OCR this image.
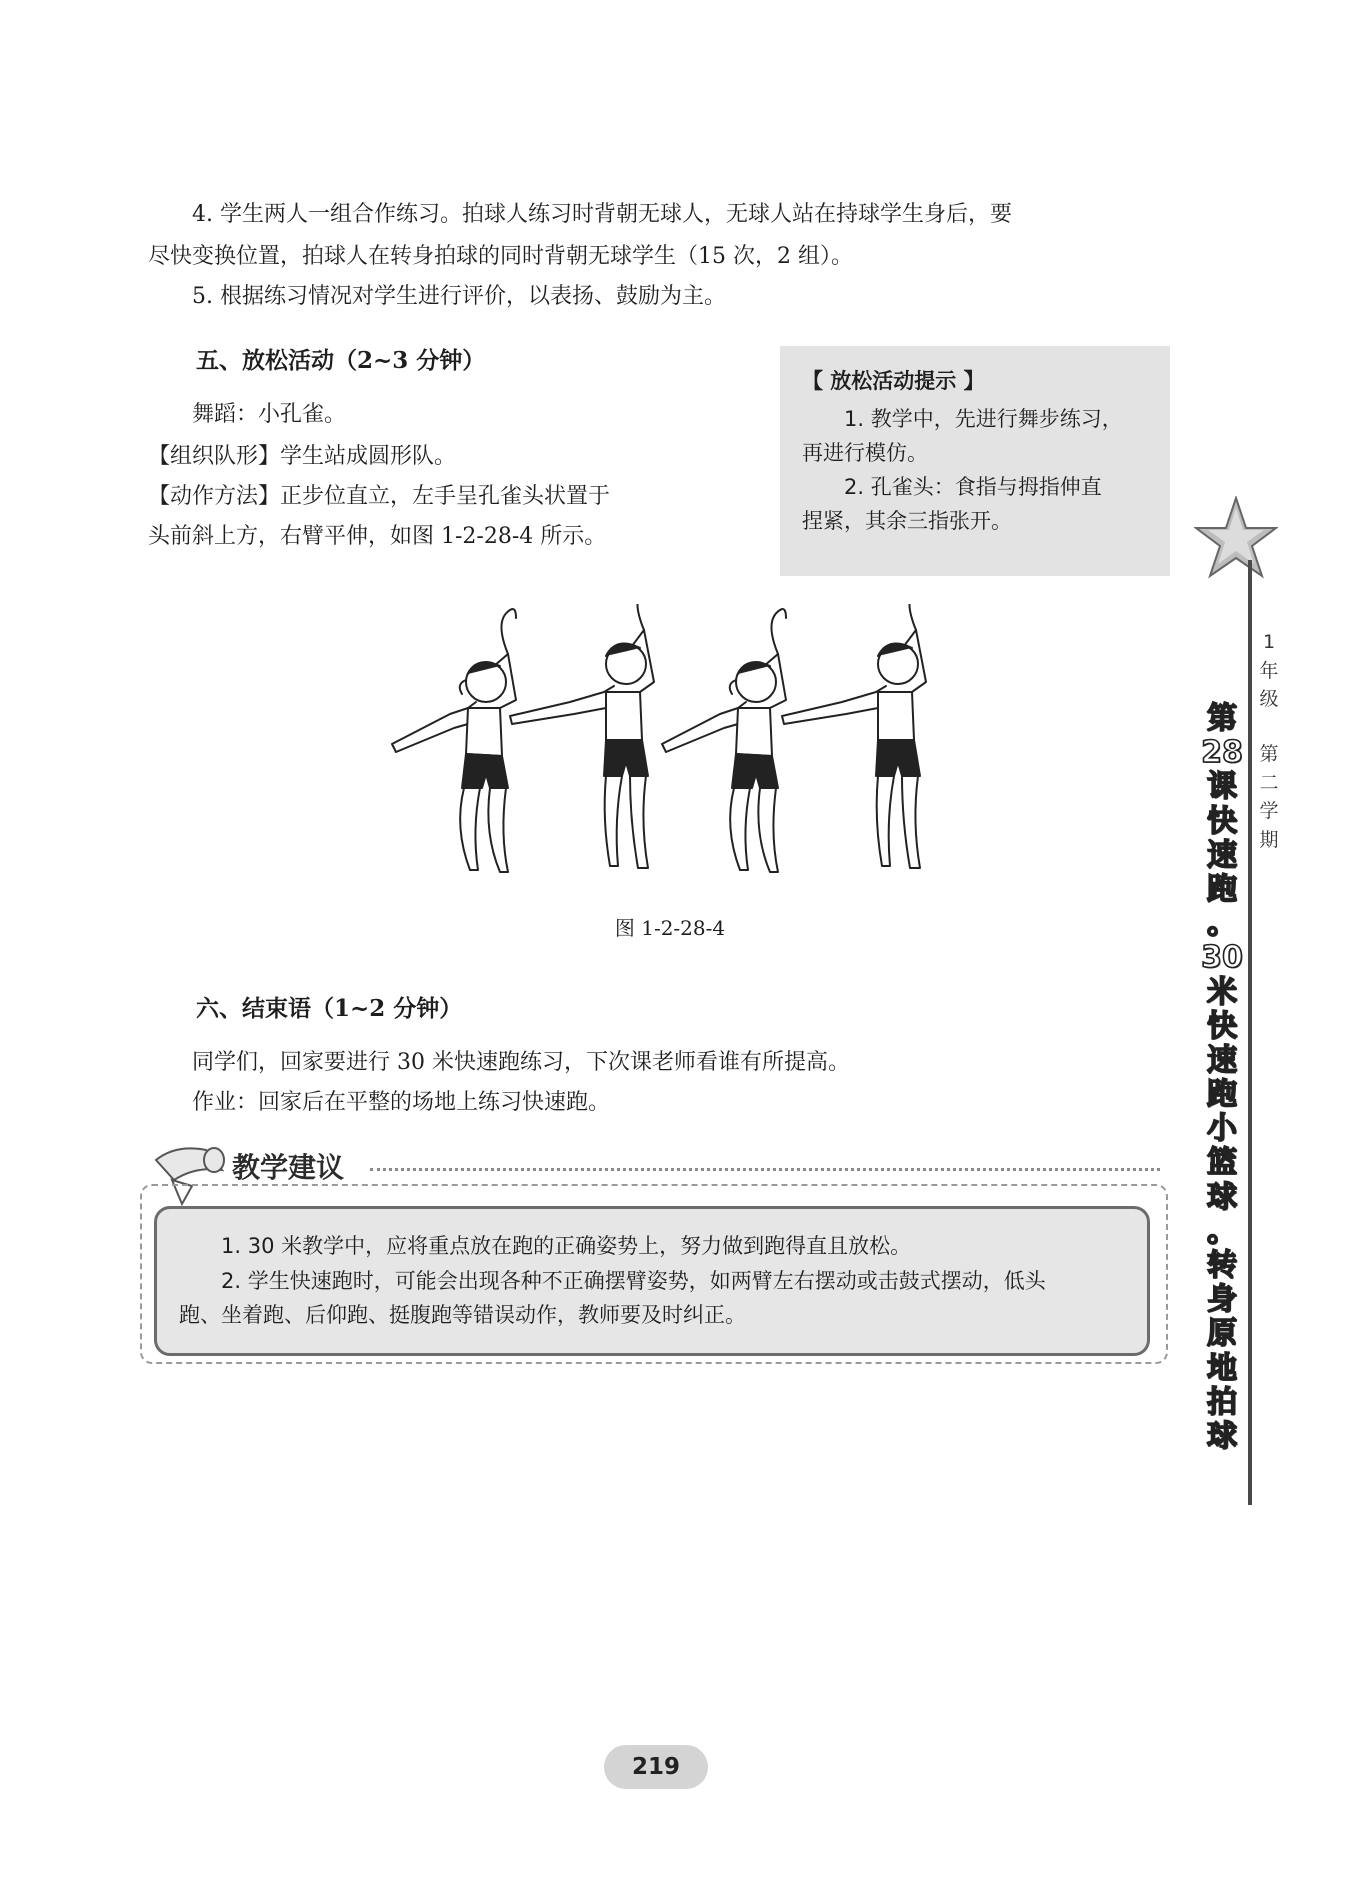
4. 学生两人一组合作练习。拍球人练习时背朝无球人，无球人站在持球学生身后，要

尽快变换位置，拍球人在转身拍球的同时背朝无球学生（15 次，2 组）。

5. 根据练习情况对学生进行评价，以表扬、鼓励为主。

五、放松活动（2~3 分钟）

舞蹈：小孔雀。

【组织队形】学生站成圆形队。

【动作方法】正步位直立，左手呈孔雀头状置于

头前斜上方，右臂平伸，如图 1-2-28-4 所示。

【 放松活动提示 】
1. 教学中，先进行舞步练习，
再进行模仿。
2. 孔雀头：食指与拇指伸直
捏紧，其余三指张开。
图 1-2-28-4
六、结束语（1~2 分钟）

同学们，回家要进行 30 米快速跑练习，下次课老师看谁有所提高。

作业：回家后在平整的场地上练习快速跑。

教学建议

1. 30 米教学中，应将重点放在跑的正确姿势上，努力做到跑得直且放松。

2. 学生快速跑时，可能会出现各种不正确摆臂姿势，如两臂左右摆动或击鼓式摆动，低头

跑、坐着跑、后仰跑、挺腹跑等错误动作，教师要及时纠正。

1
年
级
第
二
学
期
第
28
课
快
速
跑
。
30
米
快
速
跑
小
篮
球
。
转
身
原
地
拍
球
219
